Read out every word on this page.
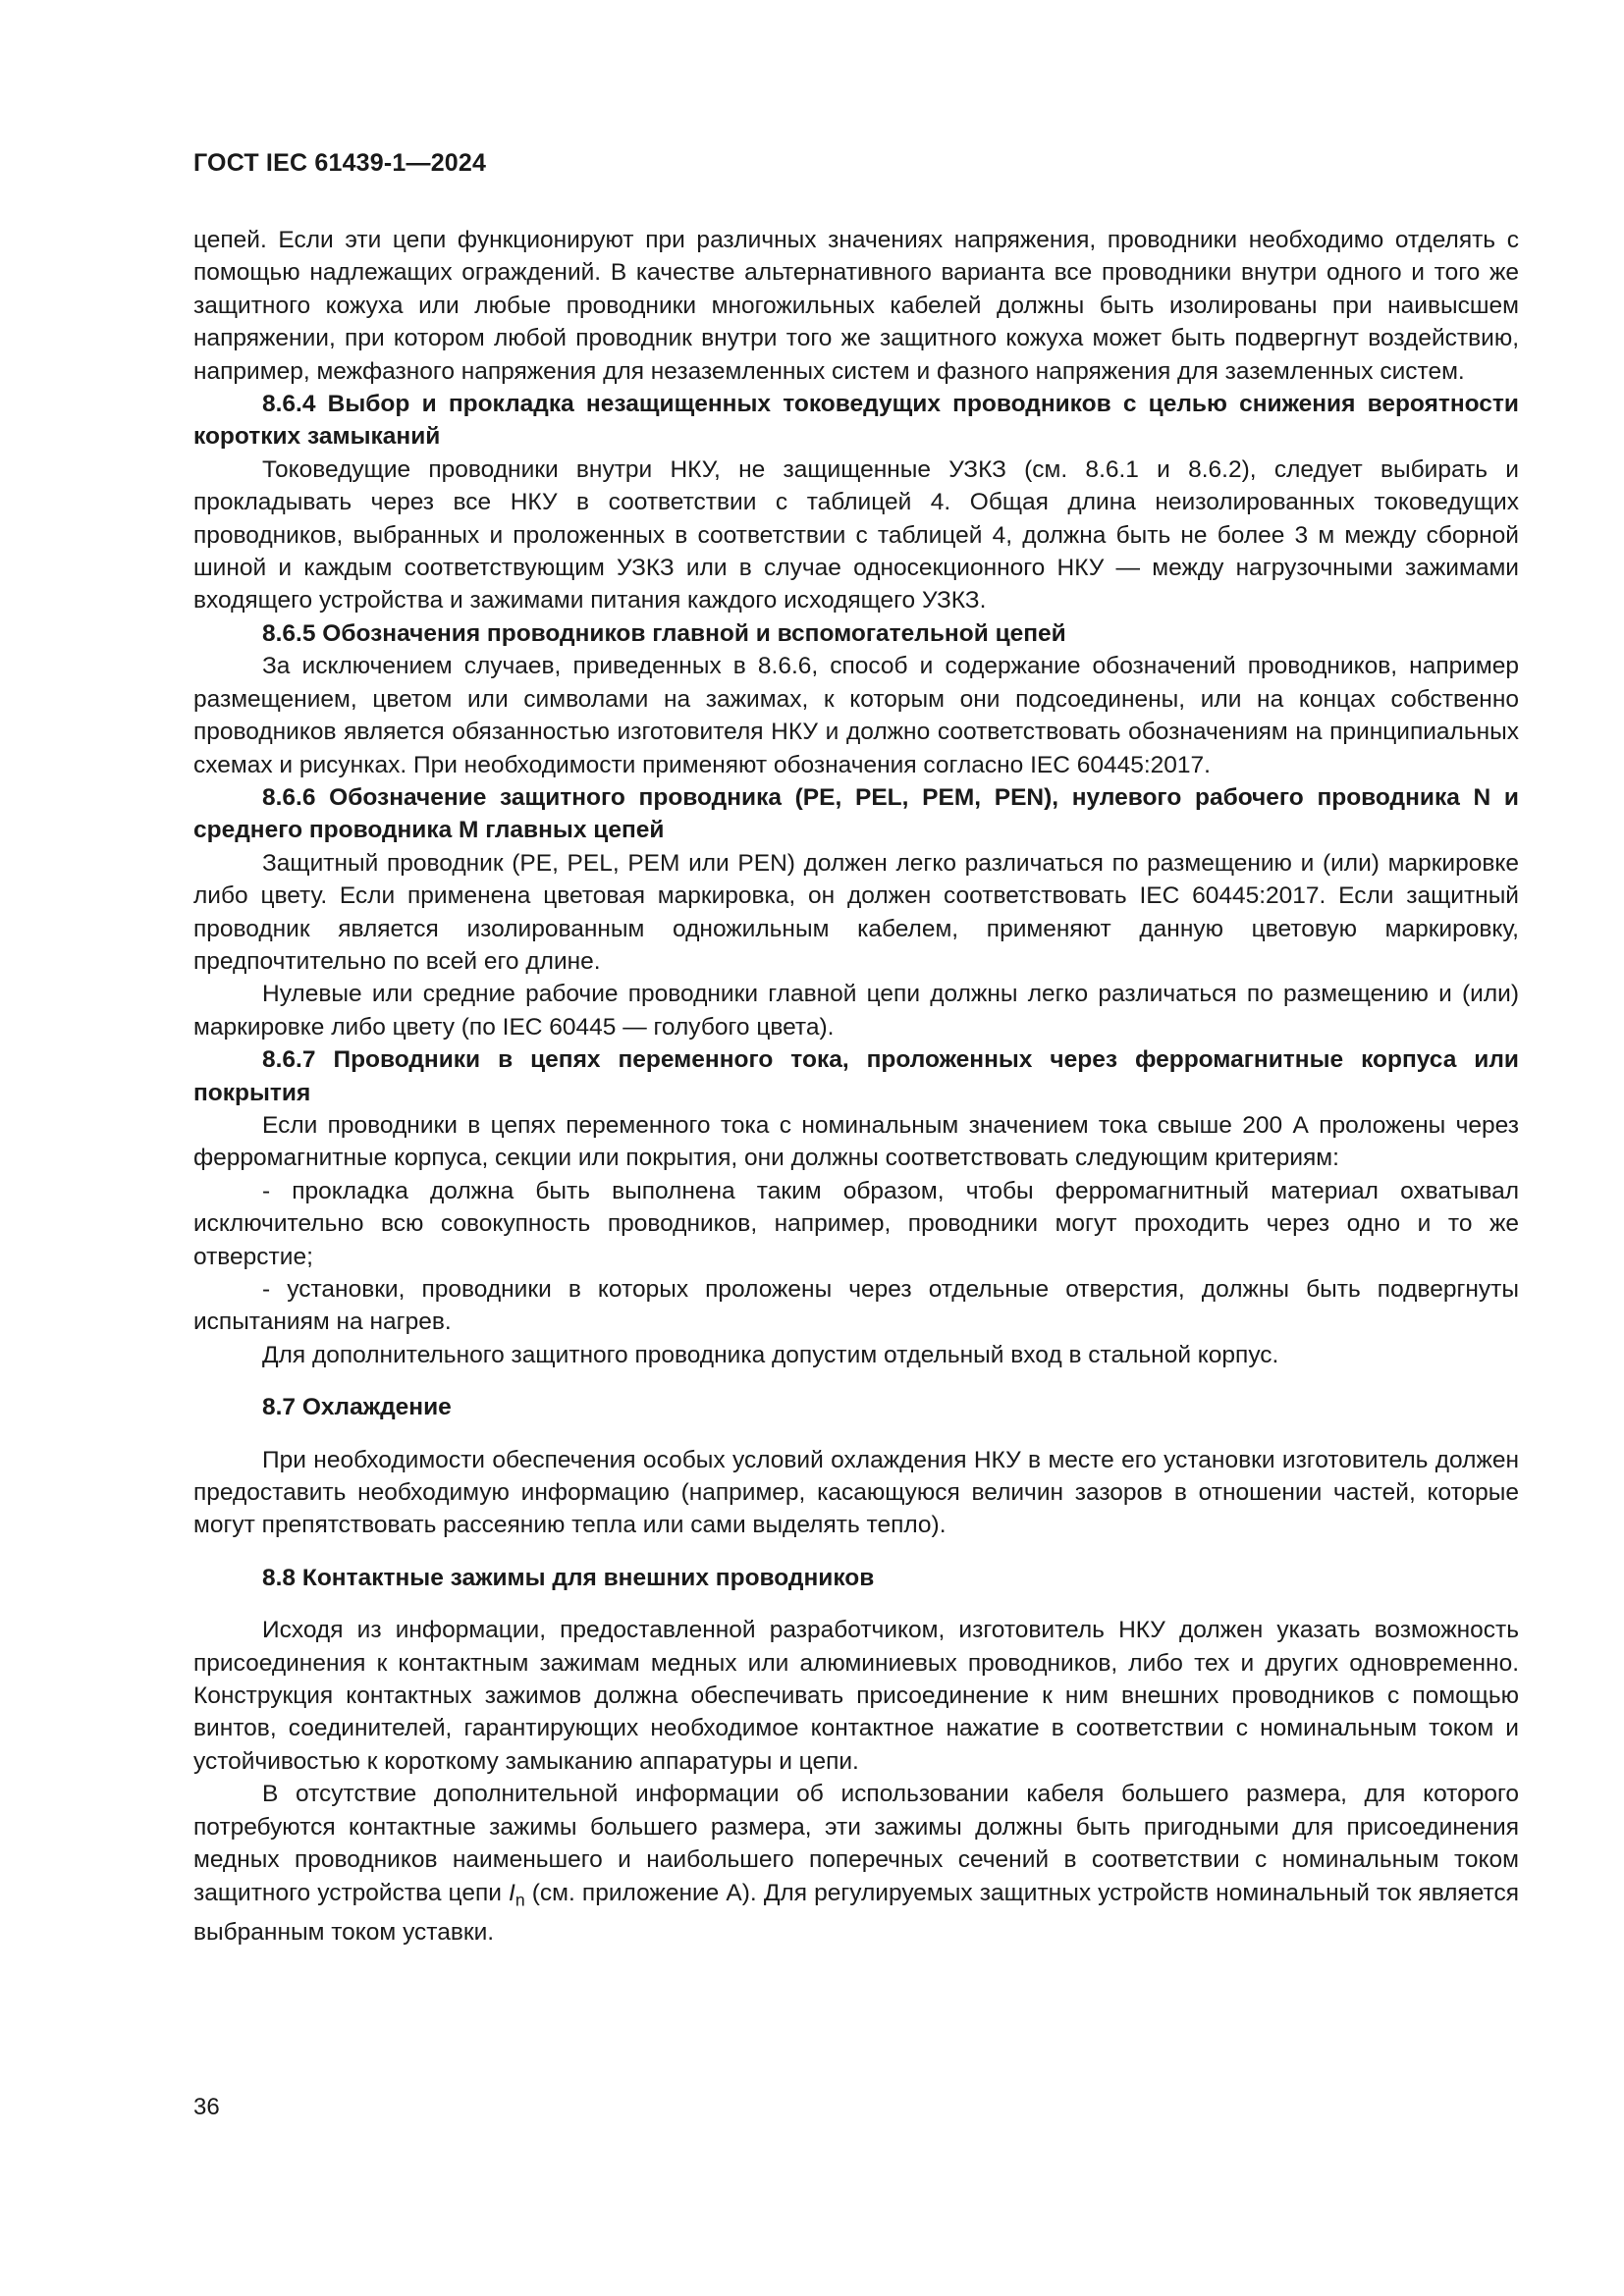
ГОСТ IEC 61439-1—2024

цепей. Если эти цепи функционируют при различных значениях напряжения, проводники необходимо отделять с помощью надлежащих ограждений. В качестве альтернативного варианта все проводники внутри одного и того же защитного кожуха или любые проводники многожильных кабелей должны быть изолированы при наивысшем напряжении, при котором любой проводник внутри того же защитного кожуха может быть подвергнут воздействию, например, межфазного напряжения для незаземленных систем и фазного напряжения для заземленных систем.

8.6.4 Выбор и прокладка незащищенных токоведущих проводников с целью снижения вероятности коротких замыканий

Токоведущие проводники внутри НКУ, не защищенные УЗКЗ (см. 8.6.1 и 8.6.2), следует выбирать и прокладывать через все НКУ в соответствии с таблицей 4. Общая длина неизолированных токоведущих проводников, выбранных и проложенных в соответствии с таблицей 4, должна быть не более 3 м между сборной шиной и каждым соответствующим УЗКЗ или в случае односекционного НКУ — между нагрузочными зажимами входящего устройства и зажимами питания каждого исходящего УЗКЗ.

8.6.5 Обозначения проводников главной и вспомогательной цепей

За исключением случаев, приведенных в 8.6.6, способ и содержание обозначений проводников, например размещением, цветом или символами на зажимах, к которым они подсоединены, или на концах собственно проводников является обязанностью изготовителя НКУ и должно соответствовать обозначениям на принципиальных схемах и рисунках. При необходимости применяют обозначения согласно IEC 60445:2017.

8.6.6 Обозначение защитного проводника (PE, PEL, PEM, PEN), нулевого рабочего проводника N и среднего проводника M главных цепей

Защитный проводник (PE, PEL, PEM или PEN) должен легко различаться по размещению и (или) маркировке либо цвету. Если применена цветовая маркировка, он должен соответствовать IEC 60445:2017. Если защитный проводник является изолированным одножильным кабелем, применяют данную цветовую маркировку, предпочтительно по всей его длине.

Нулевые или средние рабочие проводники главной цепи должны легко различаться по размещению и (или) маркировке либо цвету (по IEC 60445 — голубого цвета).

8.6.7 Проводники в цепях переменного тока, проложенных через ферромагнитные корпуса или покрытия

Если проводники в цепях переменного тока с номинальным значением тока свыше 200 А проложены через ферромагнитные корпуса, секции или покрытия, они должны соответствовать следующим критериям:

- прокладка должна быть выполнена таким образом, чтобы ферромагнитный материал охватывал исключительно всю совокупность проводников, например, проводники могут проходить через одно и то же отверстие;

- установки, проводники в которых проложены через отдельные отверстия, должны быть подвергнуты испытаниям на нагрев.

Для дополнительного защитного проводника допустим отдельный вход в стальной корпус.

8.7 Охлаждение

При необходимости обеспечения особых условий охлаждения НКУ в месте его установки изготовитель должен предоставить необходимую информацию (например, касающуюся величин зазоров в отношении частей, которые могут препятствовать рассеянию тепла или сами выделять тепло).

8.8 Контактные зажимы для внешних проводников

Исходя из информации, предоставленной разработчиком, изготовитель НКУ должен указать возможность присоединения к контактным зажимам медных или алюминиевых проводников, либо тех и других одновременно. Конструкция контактных зажимов должна обеспечивать присоединение к ним внешних проводников с помощью винтов, соединителей, гарантирующих необходимое контактное нажатие в соответствии с номинальным током и устойчивостью к короткому замыканию аппаратуры и цепи.

В отсутствие дополнительной информации об использовании кабеля большего размера, для которого потребуются контактные зажимы большего размера, эти зажимы должны быть пригодными для присоединения медных проводников наименьшего и наибольшего поперечных сечений в соответствии с номинальным током защитного устройства цепи $I_n$ (см. приложение А). Для регулируемых защитных устройств номинальный ток является выбранным током уставки.

36
